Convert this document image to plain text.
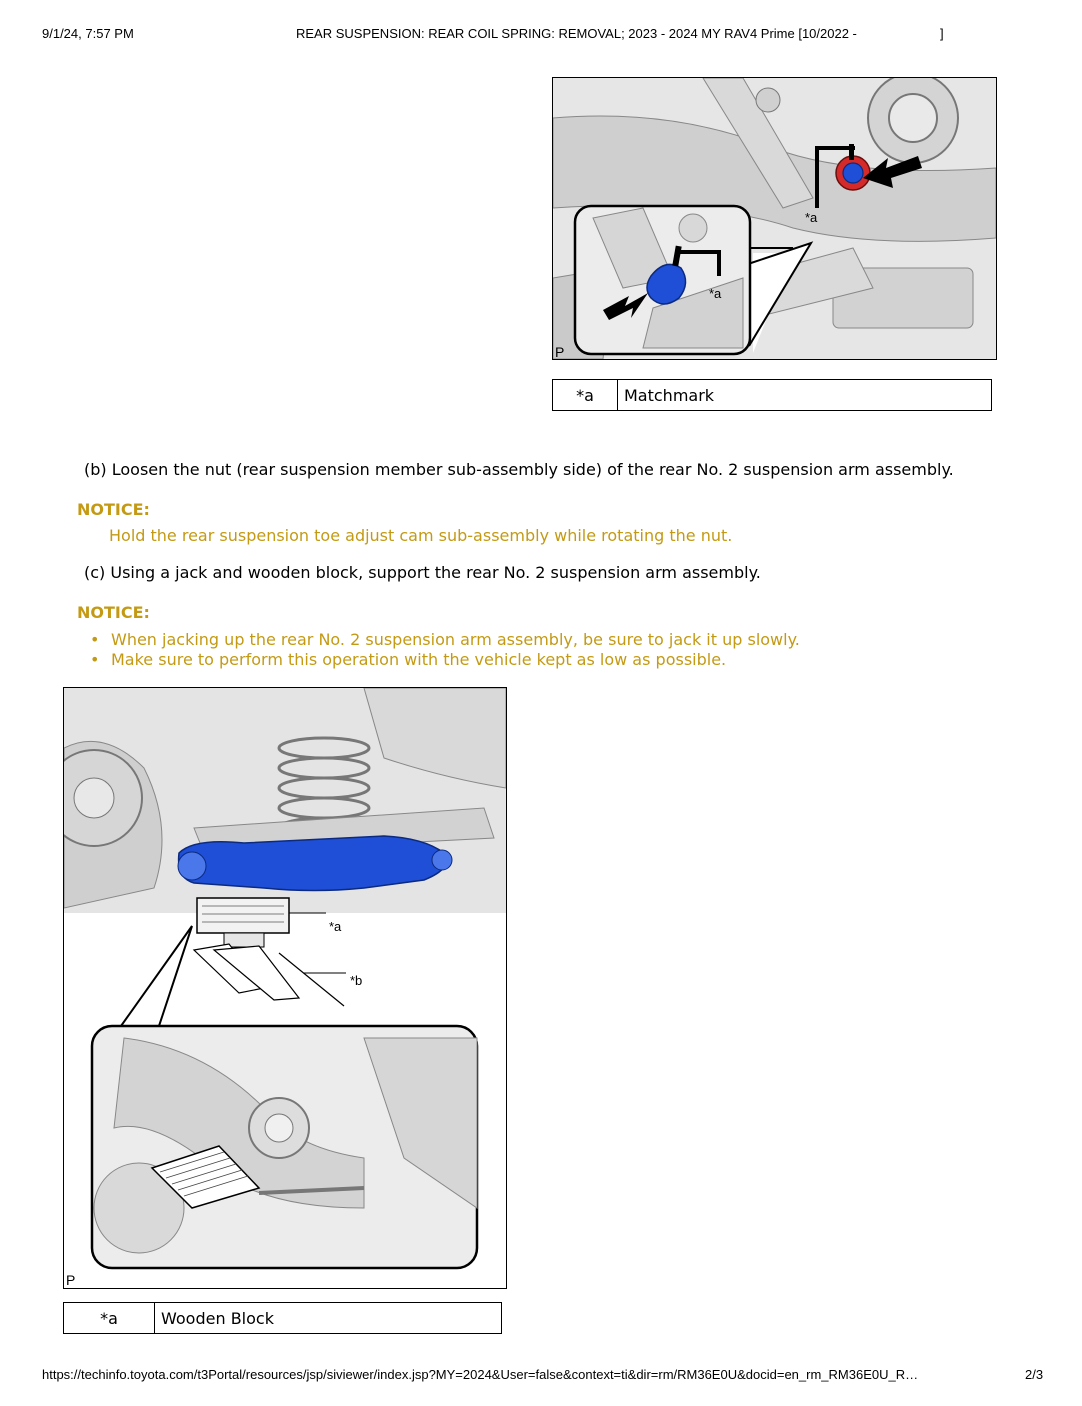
9/1/24, 7:57 PM	REAR SUSPENSION: REAR COIL SPRING: REMOVAL; 2023 - 2024 MY RAV4 Prime [10/2022 -	]
*a
*a
P
*a	Matchmark
(b) Loosen the nut (rear suspension member sub-assembly side) of the rear No. 2 suspension arm assembly.
NOTICE:
Hold the rear suspension toe adjust cam sub-assembly while rotating the nut.
(c) Using a jack and wooden block, support the rear No. 2 suspension arm assembly.
NOTICE:
• When jacking up the rear No. 2 suspension arm assembly, be sure to jack it up slowly.
• Make sure to perform this operation with the vehicle kept as low as possible.
*a
*b
P
*a	Wooden Block
https://techinfo.toyota.com/t3Portal/resources/jsp/siviewer/index.jsp?MY=2024&User=false&context=ti&dir=rm/RM36E0U&docid=en_rm_RM36E0U_R…	2/3
